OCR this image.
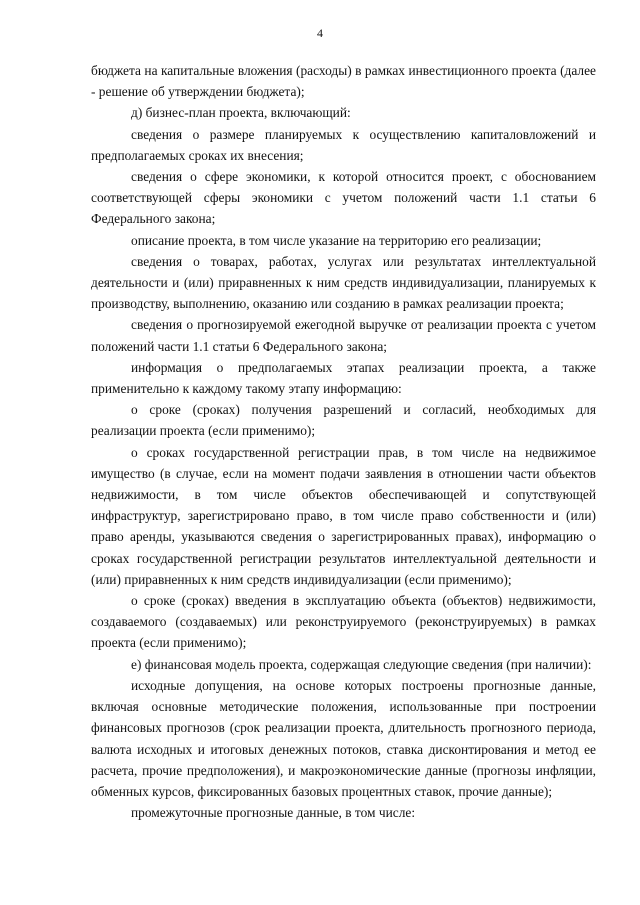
4

бюджета на капитальные вложения (расходы) в рамках инвестиционного проекта (далее - решение об утверждении бюджета);

д) бизнес-план проекта, включающий:

сведения о размере планируемых к осуществлению капиталовложений и предполагаемых сроках их внесения;

сведения о сфере экономики, к которой относится проект, с обоснованием соответствующей сферы экономики с учетом положений части 1.1 статьи 6 Федерального закона;

описание проекта, в том числе указание на территорию его реализации;

сведения о товарах, работах, услугах или результатах интеллектуальной деятельности и (или) приравненных к ним средств индивидуализации, планируемых к производству, выполнению, оказанию или созданию в рамках реализации проекта;

сведения о прогнозируемой ежегодной выручке от реализации проекта с учетом положений части 1.1 статьи 6 Федерального закона;

информация о предполагаемых этапах реализации проекта, а также применительно к каждому такому этапу информацию:

о сроке (сроках) получения разрешений и согласий, необходимых для реализации проекта (если применимо);

о сроках государственной регистрации прав, в том числе на недвижимое имущество (в случае, если на момент подачи заявления в отношении части объектов недвижимости, в том числе объектов обеспечивающей и сопутствующей инфраструктур, зарегистрировано право, в том числе право собственности и (или) право аренды, указываются сведения о зарегистрированных правах), информацию о сроках государственной регистрации результатов интеллектуальной деятельности и (или) приравненных к ним средств индивидуализации (если применимо);

о сроке (сроках) введения в эксплуатацию объекта (объектов) недвижимости, создаваемого (создаваемых) или реконструируемого (реконструируемых) в рамках проекта (если применимо);

е) финансовая модель проекта, содержащая следующие сведения (при наличии):

исходные допущения, на основе которых построены прогнозные данные, включая основные методические положения, использованные при построении финансовых прогнозов (срок реализации проекта, длительность прогнозного периода, валюта исходных и итоговых денежных потоков, ставка дисконтирования и метод ее расчета, прочие предположения), и макроэкономические данные (прогнозы инфляции, обменных курсов, фиксированных базовых процентных ставок, прочие данные);

промежуточные прогнозные данные, в том числе:
